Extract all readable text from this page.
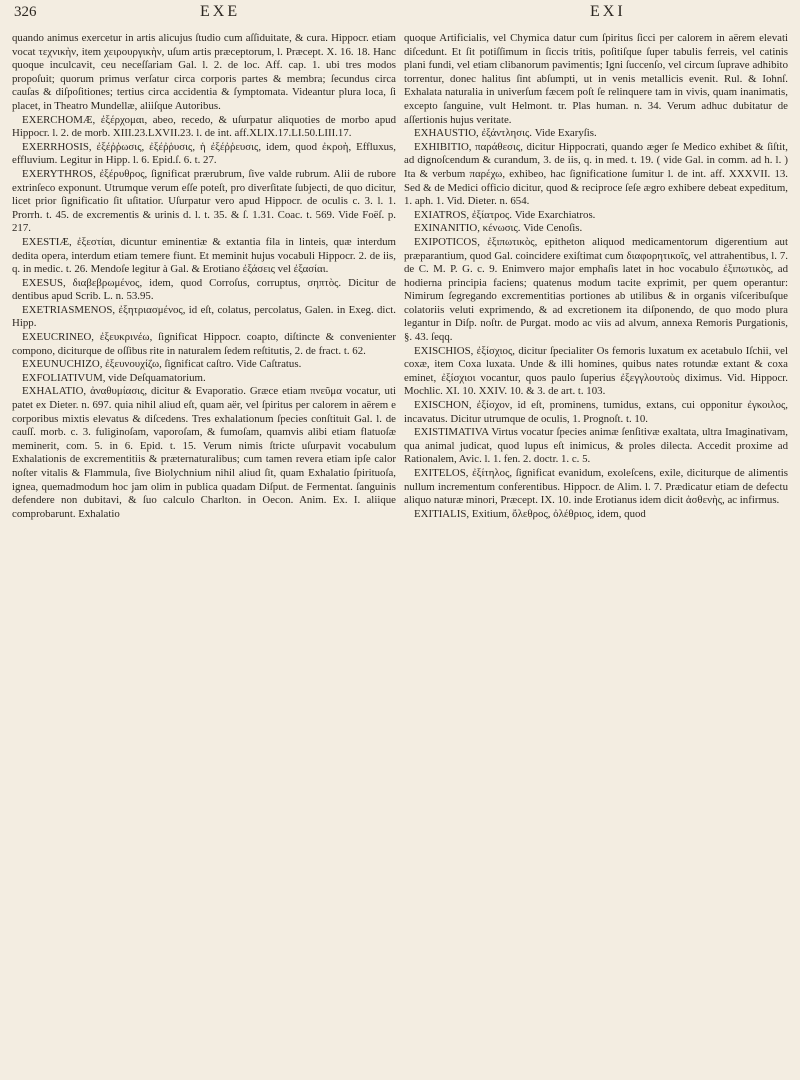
326	EXE	EXI

quando animus exercetur in artis alicujus ſtudio cum aſſiduitate, & cura. Hippocr. etiam vocat τεχνικὴν, item χειρουργικὴν, uſum artis præceptorum, l. Præcept. X. 16. 18. Hanc quoque inculcavit, ceu neceſſariam Gal. l. 2. de loc. Aff. cap. 1. ubi tres modos propoſuit; quorum primus verſatur circa corporis partes & membra; ſecundus circa cauſas & diſpoſitiones; tertius circa accidentia & ſymptomata. Videantur plura loca, ſi placet, in Theatro Mundellæ, aliiſque Autoribus.

EXERCHOMÆ, ἐξέρχομαι, abeo, recedo, & uſurpatur aliquoties de morbo apud Hippocr. l. 2. de morb. XIII.23.LXVII.23. l. de int. aff.XLIX.17.LI.50.LIII.17.

EXERRHOSIS, ἐξέῤῥωσις, ἐξέῤῥυσις, ἡ ἐξέῤῥευσις, idem, quod ἐκροὴ, Effluxus, effluvium. Legitur in Hipp. l. 6. Epid.ſ. 6. t. 27.

EXERYTHROS, ἐξέρυθρος, ſignificat prærubrum, ſive valde rubrum. Alii de rubore extrinſeco exponunt. Utrumque verum eſſe poteſt, pro diverſitate ſubjecti, de quo dicitur, licet prior ſignificatio ſit uſitatior. Uſurpatur vero apud Hippocr. de oculis c. 3. l. 1. Prorrh. t. 45. de excrementis & urinis d. l. t. 35. & ſ. 1.31. Coac. t. 569. Vide Foëſ. p. 217.

EXESTIÆ, ἐξεστίαι, dicuntur eminentiæ & extantia fila in linteis, quæ interdum dedita opera, interdum etiam temere fiunt. Et meminit hujus vocabuli Hippocr. 2. de iis, q. in medic. t. 26. Mendoſe legitur à Gal. & Erotiano ἐξάσεις vel ἐξασίαι.

EXESUS, διαβεβρωμένος, idem, quod Corroſus, corruptus, σηπτὸς. Dicitur de dentibus apud Scrib. L. n. 53.95.

EXETRIASMENOS, ἐξητριασμένος, id eſt, colatus, percolatus, Galen. in Exeg. dict. Hipp.

EXEUCRINEO, ἐξευκρινέω, ſignificat Hippocr. coapto, diſtincte & convenienter compono, diciturque de oſſibus rite in naturalem ſedem reſtitutis, 2. de fract. t. 62.

EXEUNUCHIZO, ἐξευνουχίζω, ſignificat caſtro. Vide Caſtratus.

EXFOLIATIVUM, vide Deſquamatorium.

EXHALATIO, ἀναθυμίασις, dicitur & Evaporatio. Græce etiam πνεῦμα vocatur, uti patet ex Dieter. n. 697. quia nihil aliud eſt, quam aër, vel ſpiritus per calorem in aërem e corporibus mixtis elevatus & diſcedens. Tres exhalationum ſpecies conſtituit Gal. l. de cauſſ. morb. c. 3. fuliginoſam, vaporoſam, & fumoſam, quamvis alibi etiam flatuoſæ meminerit, com. 5. in 6. Epid. t. 15. Verum nimis ſtricte uſurpavit vocabulum Exhalationis de excrementitiis & præternaturalibus; cum tamen revera etiam ipſe calor noſter vitalis & Flammula, ſive Biolychnium nihil aliud ſit, quam Exhalatio ſpirituoſa, ignea, quemadmodum hoc jam olim in publica quadam Diſput. de Fermentat. ſanguinis defendere non dubitavi, & ſuo calculo Charlton. in Oecon. Anim. Ex. I. aliique comprobarunt. Exhalatio

quoque Artificialis, vel Chymica datur cum ſpiritus ſicci per calorem in aërem elevati diſcedunt. Et ſit potiſſimum in ſiccis tritis, poſitiſque ſuper tabulis ferreis, vel catinis plani fundi, vel etiam clibanorum pavimentis; Igni ſuccenſo, vel circum ſuprave adhibito torrentur, donec halitus ſint abſumpti, ut in venis metallicis evenit. Rul. & Iohnſ. Exhalata naturalia in univerſum fæcem poſt ſe relinquere tam in vivis, quam inanimatis, excepto ſanguine, vult Helmont. tr. Plas human. n. 34. Verum adhuc dubitatur de aſſertionis hujus veritate.

EXHAUSTIO, ἐξάντλησις. Vide Exaryſis.

EXHIBITIO, παράθεσις, dicitur Hippocrati, quando æger ſe Medico exhibet & ſiſtit, ad dignoſcendum & curandum, 3. de iis, q. in med. t. 19. ( vide Gal. in comm. ad h. l. ) Ita & verbum παρέχω, exhibeo, hac ſignificatione ſumitur l. de int. aff. XXXVII. 13. Sed & de Medici officio dicitur, quod & reciproce ſeſe ægro exhibere debeat expeditum, 1. aph. 1. Vid. Dieter. n. 654.

EXIATROS, ἐξίατρος. Vide Exarchiatros.

EXINANITIO, κένωσις. Vide Cenoſis.

EXIPOTICOS, ἐξιπωτικὸς, epitheton aliquod medicamentorum digerentium aut præparantium, quod Gal. coincidere exiſtimat cum διαφορητικοῖς, vel attrahentibus, l. 7. de C. M. P. G. c. 9. Enimvero major emphaſis latet in hoc vocabulo ἐξιπωτικὸς, ad hodierna principia faciens; quatenus modum tacite exprimit, per quem operantur: Nimirum ſegregando excrementitias portiones ab utilibus & in organis viſceribuſque colatoriis veluti exprimendo, & ad excretionem ita diſponendo, de quo modo plura legantur in Diſp. noſtr. de Purgat. modo ac viis ad alvum, annexa Remoris Purgationis, §. 43. ſeqq.

EXISCHIOS, ἐξίσχιος, dicitur ſpecialiter Os femoris luxatum ex acetabulo Iſchii, vel coxæ, item Coxa luxata. Unde & illi homines, quibus nates rotundæ extant & coxa eminet, ἐξίσχιοι vocantur, quos paulo ſuperius ἐξεγγλουτοὺς diximus. Vid. Hippocr. Mochlic. XI. 10. XXIV. 10. & 3. de art. t. 103.

EXISCHON, ἐξίσχον, id eſt, prominens, tumidus, extans, cui opponitur ἐγκοιλος, incavatus. Dicitur utrumque de oculis, 1. Prognoſt. t. 10.

EXISTIMATIVA Virtus vocatur ſpecies animæ ſenſitivæ exaltata, ultra Imaginativam, qua animal judicat, quod lupus eſt inimicus, & proles dilecta. Accedit proxime ad Rationalem, Avic. l. 1. fen. 2. doctr. 1. c. 5.

EXITELOS, ἐξίτηλος, ſignificat evanidum, exoleſcens, exile, diciturque de alimentis nullum incrementum conferentibus. Hippocr. de Alim. l. 7. Prædicatur etiam de defectu aliquo naturæ minori, Præcept. IX. 10. inde Erotianus idem dicit ἀσθενὴς, ac infirmus.

EXITIALIS, Exitium, ὄλεθρος, ὀλέθριος, idem, quod
